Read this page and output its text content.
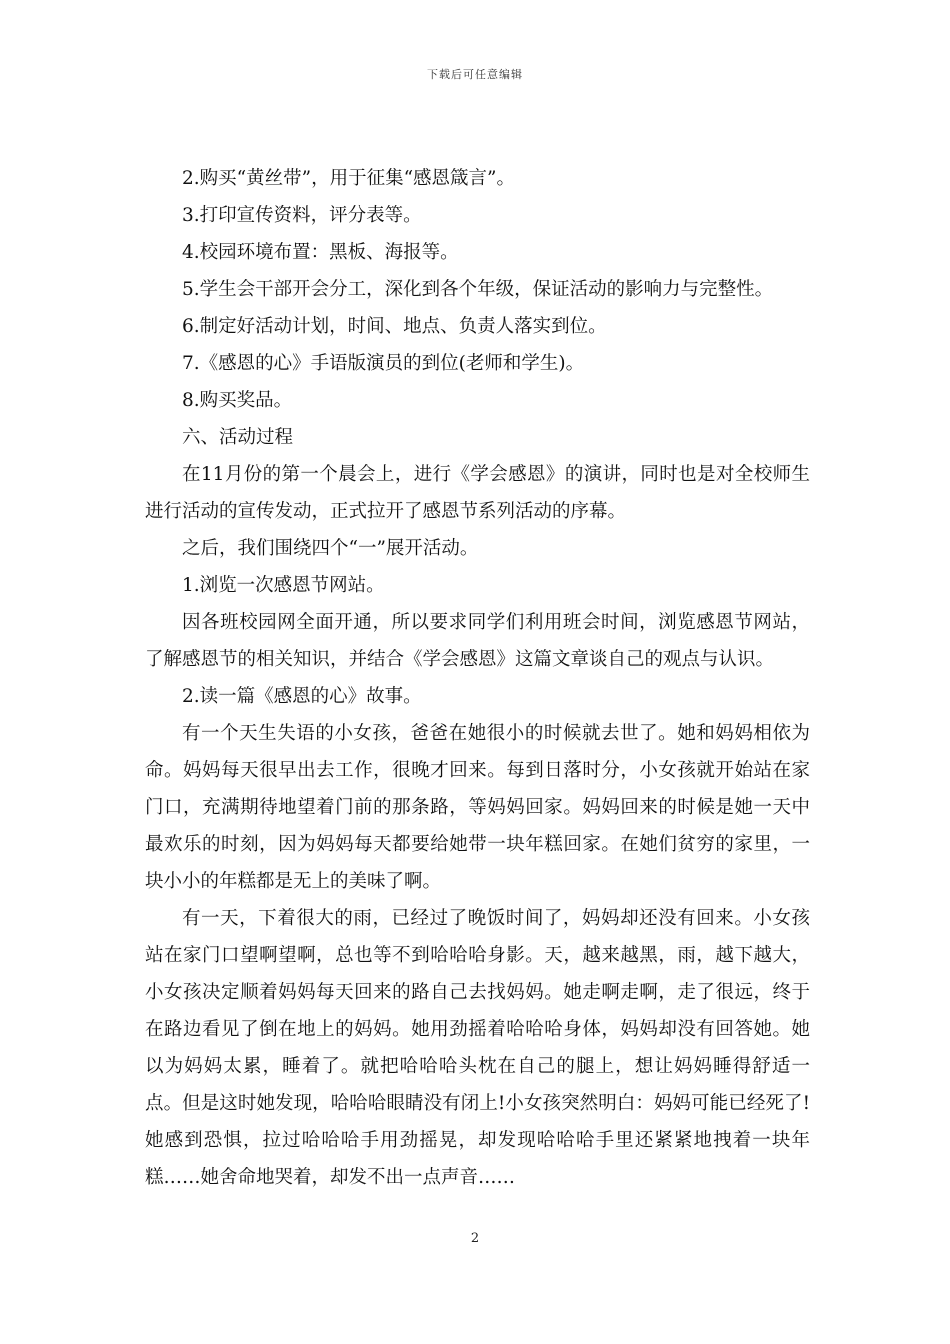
下载后可任意编辑

2.购买“黄丝带”，用于征集“感恩箴言”。

3.打印宣传资料，评分表等。

4.校园环境布置：黑板、海报等。

5.学生会干部开会分工，深化到各个年级，保证活动的影响力与完整性。

6.制定好活动计划，时间、地点、负责人落实到位。

7.《感恩的心》手语版演员的到位(老师和学生)。

8.购买奖品。

六、活动过程

在11月份的第一个晨会上，进行《学会感恩》的演讲，同时也是对全校师生进行活动的宣传发动，正式拉开了感恩节系列活动的序幕。

之后，我们围绕四个“一”展开活动。

1.浏览一次感恩节网站。

因各班校园网全面开通，所以要求同学们利用班会时间，浏览感恩节网站，了解感恩节的相关知识，并结合《学会感恩》这篇文章谈自己的观点与认识。

2.读一篇《感恩的心》故事。

有一个天生失语的小女孩，爸爸在她很小的时候就去世了。她和妈妈相依为命。妈妈每天很早出去工作，很晚才回来。每到日落时分，小女孩就开始站在家门口，充满期待地望着门前的那条路，等妈妈回家。妈妈回来的时候是她一天中最欢乐的时刻，因为妈妈每天都要给她带一块年糕回家。在她们贫穷的家里，一块小小的年糕都是无上的美味了啊。

有一天，下着很大的雨，已经过了晚饭时间了，妈妈却还没有回来。小女孩站在家门口望啊望啊，总也等不到哈哈哈身影。天，越来越黑，雨，越下越大，小女孩决定顺着妈妈每天回来的路自己去找妈妈。她走啊走啊，走了很远，终于在路边看见了倒在地上的妈妈。她用劲摇着哈哈哈身体，妈妈却没有回答她。她以为妈妈太累，睡着了。就把哈哈哈头枕在自己的腿上，想让妈妈睡得舒适一点。但是这时她发现，哈哈哈眼睛没有闭上!小女孩突然明白：妈妈可能已经死了!她感到恐惧，拉过哈哈哈手用劲摇晃，却发现哈哈哈手里还紧紧地拽着一块年糕……她舍命地哭着，却发不出一点声音……

2
